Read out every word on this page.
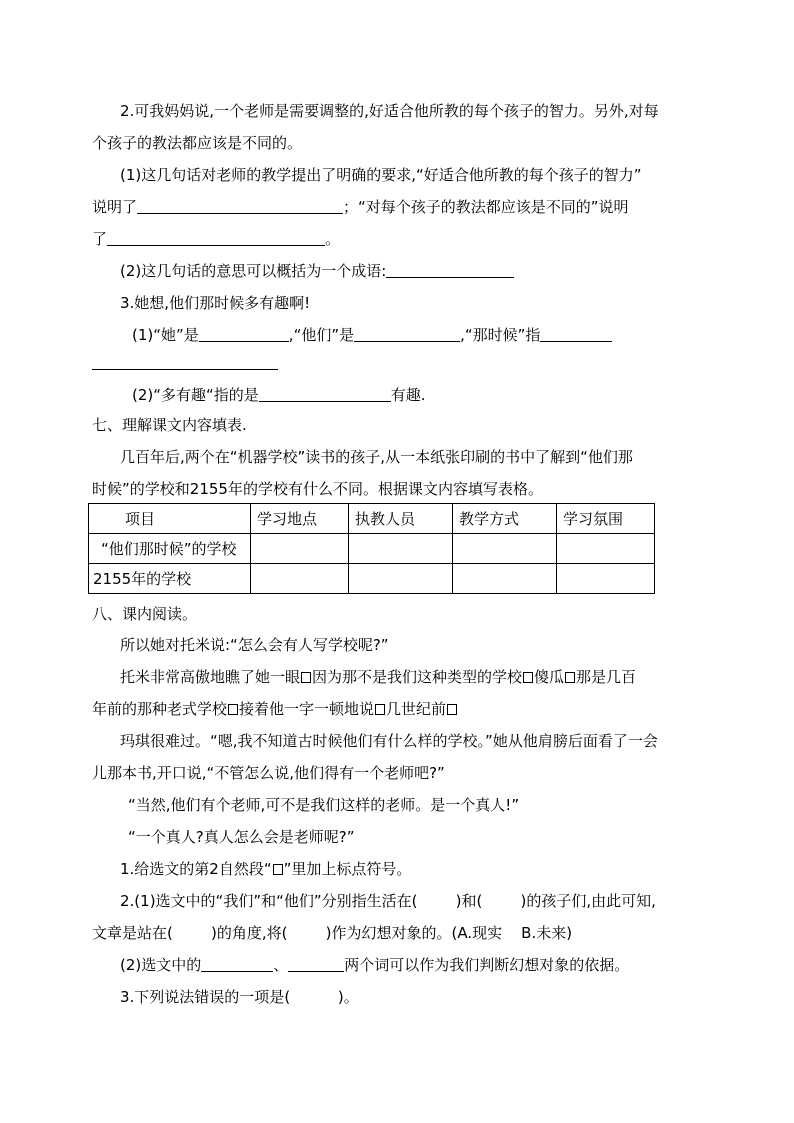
2.可我妈妈说,一个老师是需要调整的,好适合他所教的每个孩子的智力。另外,对每
个孩子的教法都应该是不同的。
(1)这几句话对老师的教学提出了明确的要求,“好适合他所教的每个孩子的智力”
说明了	；“对每个孩子的教法都应该是不同的”说明
了	。
(2)这几句话的意思可以概括为一个成语:
3.她想,他们那时候多有趣啊!
(1)“她”是	,“他们”是	,“那时候”指
(2)“多有趣“指的是	有趣.
七、理解课文内容填表.
几百年后,两个在“机器学校”读书的孩子,从一本纸张印刷的书中了解到“他们那
时候”的学校和2155年的学校有什么不同。根据课文内容填写表格。
项目	学习地点	执教人员	教学方式	学习氛围
“他们那时候”的学校				
2155年的学校				
八、课内阅读。
所以她对托米说:“怎么会有人写学校呢?”
托米非常高傲地瞧了她一眼 因为那不是我们这种类型的学校 傻瓜 那是几百
年前的那种老式学校 接着他一字一顿地说 几世纪前
玛琪很难过。“嗯,我不知道古时候他们有什么样的学校。”她从他肩膀后面看了一会
儿那本书,开口说,“不管怎么说,他们得有一个老师吧?”
“当然,他们有个老师,可不是我们这样的老师。是一个真人!”
“一个真人?真人怎么会是老师呢?”
1.给选文的第2自然段“ ”里加上标点符号。
2.(1)选文中的“我们”和“他们”分别指生活在(        )和(        )的孩子们,由此可知,
文章是站在(        )的角度,将(        )作为幻想对象的。(A.现实    B.未来)
(2)选文中的	、	两个词可以作为我们判断幻想对象的依据。
3.下列说法错误的一项是(          )。
